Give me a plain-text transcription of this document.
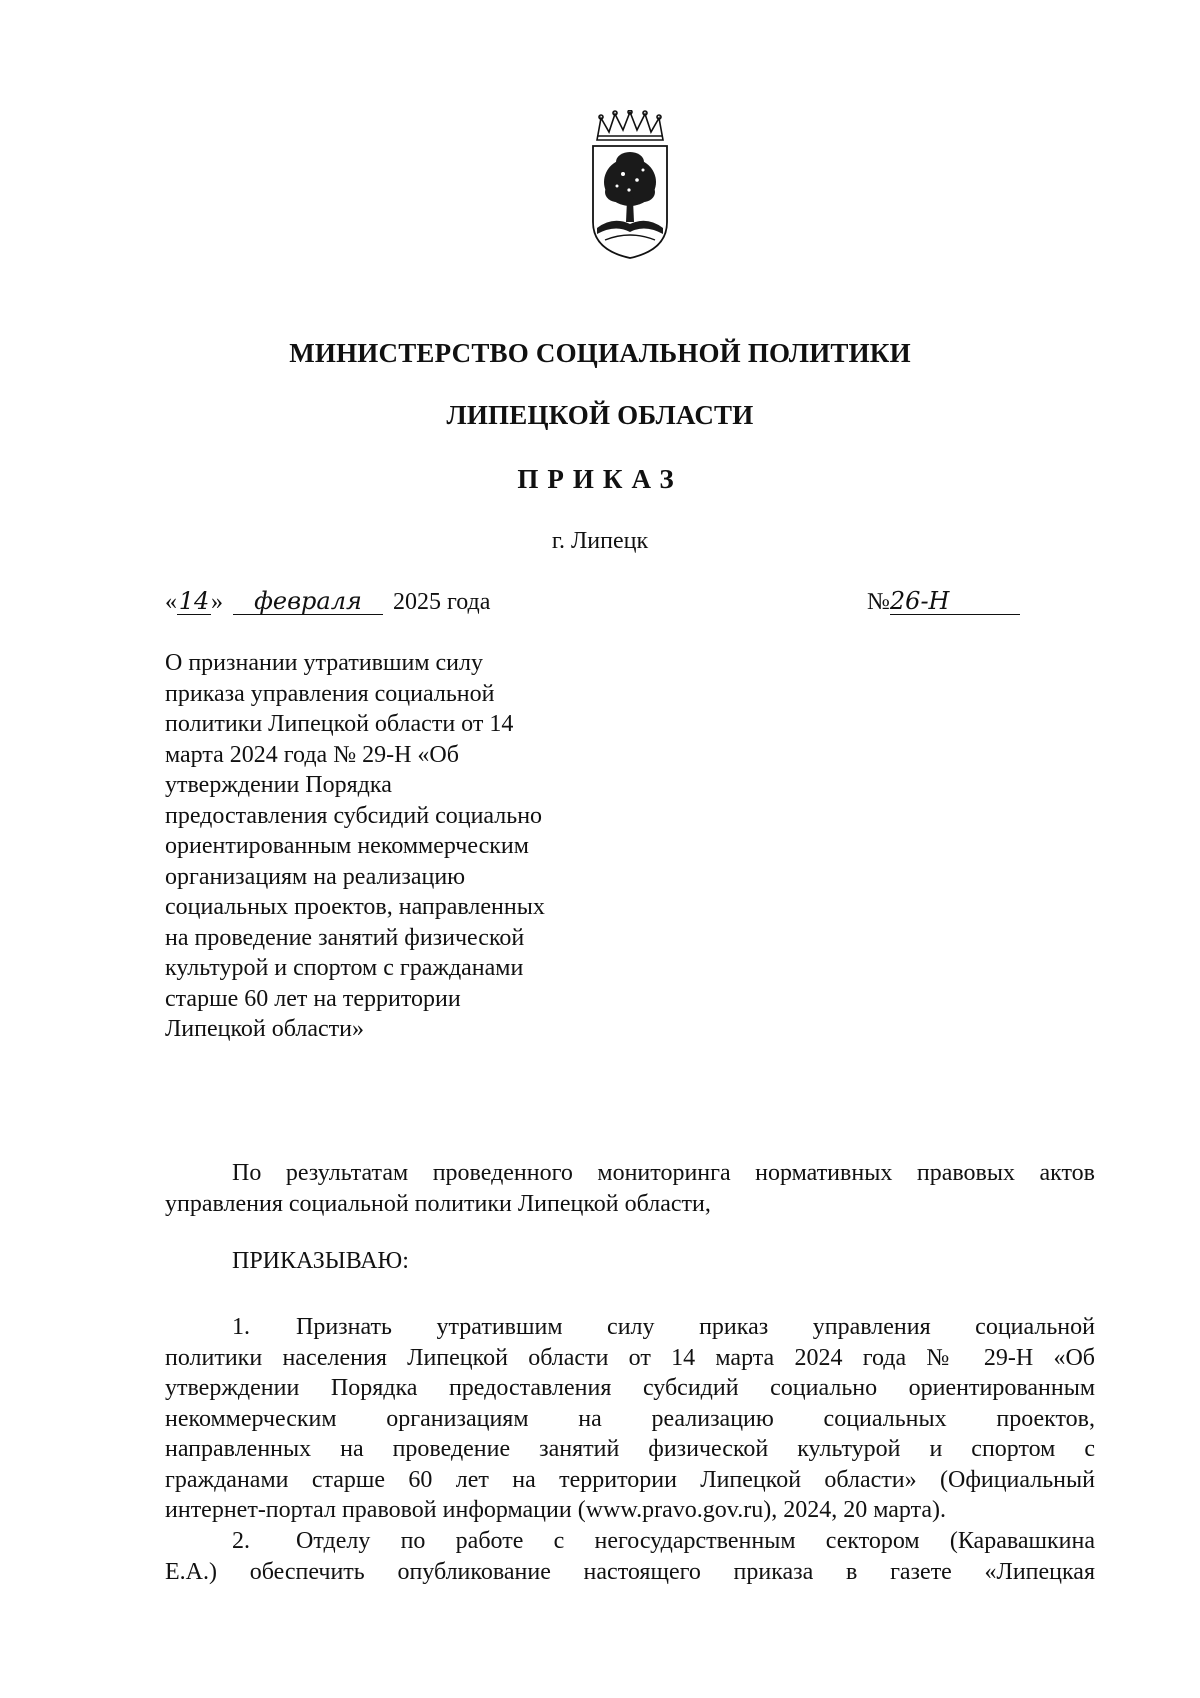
МИНИСТЕРСТВО СОЦИАЛЬНОЙ ПОЛИТИКИ
ЛИПЕЦКОЙ ОБЛАСТИ
ПРИКАЗ
г. Липецк
«14» февраля 2025 года	№26-Н
О признании утратившим силу
приказа управления социальной
политики Липецкой области от 14
марта 2024 года № 29-Н «Об
утверждении Порядка
предоставления субсидий социально
ориентированным некоммерческим
организациям на реализацию
социальных проектов, направленных
на проведение занятий физической
культурой и спортом с гражданами
старше 60 лет на территории
Липецкой области»
По результатам проведенного мониторинга нормативных правовых актов
управления социальной политики Липецкой области,
ПРИКАЗЫВАЮ:
1. Признать утратившим силу приказ управления социальной
политики населения Липецкой области от 14 марта 2024 года № 29-Н «Об
утверждении Порядка предоставления субсидий социально ориентированным
некоммерческим организациям на реализацию социальных проектов,
направленных на проведение занятий физической культурой и спортом с
гражданами старше 60 лет на территории Липецкой области» (Официальный
интернет-портал правовой информации (www.pravo.gov.ru), 2024, 20 марта).
2. Отделу по работе с негосударственным сектором (Каравашкина
Е.А.) обеспечить опубликование настоящего приказа в газете «Липецкая
